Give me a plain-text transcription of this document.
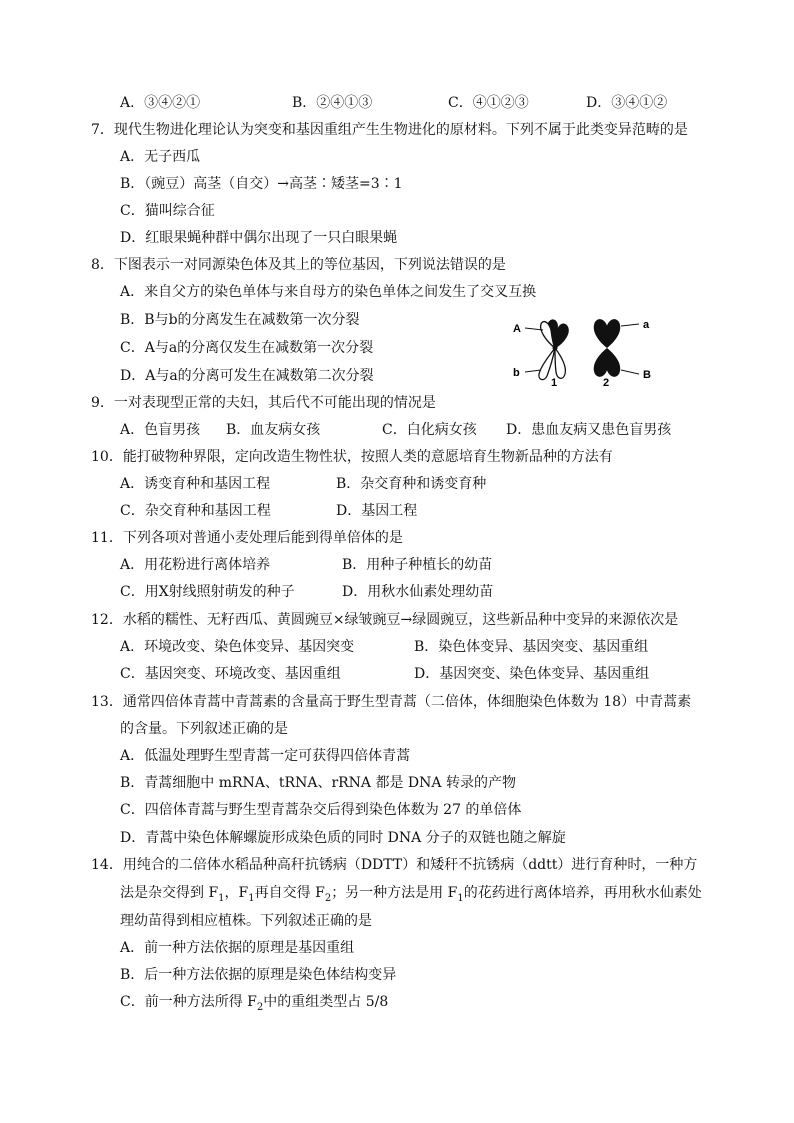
A．③④②①	B．②④①③	C．④①②③	D．③④①②
7．现代生物进化理论认为突变和基因重组产生生物进化的原材料。下列不属于此类变异范畴的是
A．无子西瓜
B．（豌豆）高茎（自交）→高茎∶矮茎=3∶1
C．猫叫综合征
D．红眼果蝇种群中偶尔出现了一只白眼果蝇
8．下图表示一对同源染色体及其上的等位基因，下列说法错误的是
A．来自父方的染色单体与来自母方的染色单体之间发生了交叉互换
B．B与b的分离发生在减数第一次分裂
C．A与a的分离仅发生在减数第一次分裂
D．A与a的分离可发生在减数第二次分裂
A
b
1
a
2
B
9．一对表现型正常的夫妇，其后代不可能出现的情况是
A．色盲男孩 B．血友病女孩	C．白化病女孩 D．患血友病又患色盲男孩
10．能打破物种界限，定向改造生物性状，按照人类的意愿培育生物新品种的方法有
A．诱变育种和基因工程	B．杂交育种和诱变育种
C．杂交育种和基因工程	D．基因工程
11．下列各项对普通小麦处理后能到得单倍体的是
A．用花粉进行离体培养	B．用种子种植长的幼苗
C．用X射线照射萌发的种子	D．用秋水仙素处理幼苗
12．水稻的糯性、无籽西瓜、黄圆豌豆×绿皱豌豆→绿圆豌豆，这些新品种中变异的来源依次是
A．环境改变、染色体变异、基因突变	B．染色体变异、基因突变、基因重组
C．基因突变、环境改变、基因重组	D．基因突变、染色体变异、基因重组
13．通常四倍体青蒿中青蒿素的含量高于野生型青蒿（二倍体，体细胞染色体数为 18）中青蒿素
的含量。下列叙述正确的是
A．低温处理野生型青蒿一定可获得四倍体青蒿
B．青蒿细胞中 mRNA、tRNA、rRNA 都是 DNA 转录的产物
C．四倍体青蒿与野生型青蒿杂交后得到染色体数为 27 的单倍体
D．青蒿中染色体解螺旋形成染色质的同时 DNA 分子的双链也随之解旋
14．用纯合的二倍体水稻品种高秆抗锈病（DDTT）和矮秆不抗锈病（ddtt）进行育种时，一种方
法是杂交得到 $F_1$，$F_1$再自交得 $F_2$；另一种方法是用 $F_1$的花药进行离体培养，再用秋水仙素处
理幼苗得到相应植株。下列叙述正确的是
A．前一种方法依据的原理是基因重组
B．后一种方法依据的原理是染色体结构变异
C．前一种方法所得 $F_2$中的重组类型占 5/8
